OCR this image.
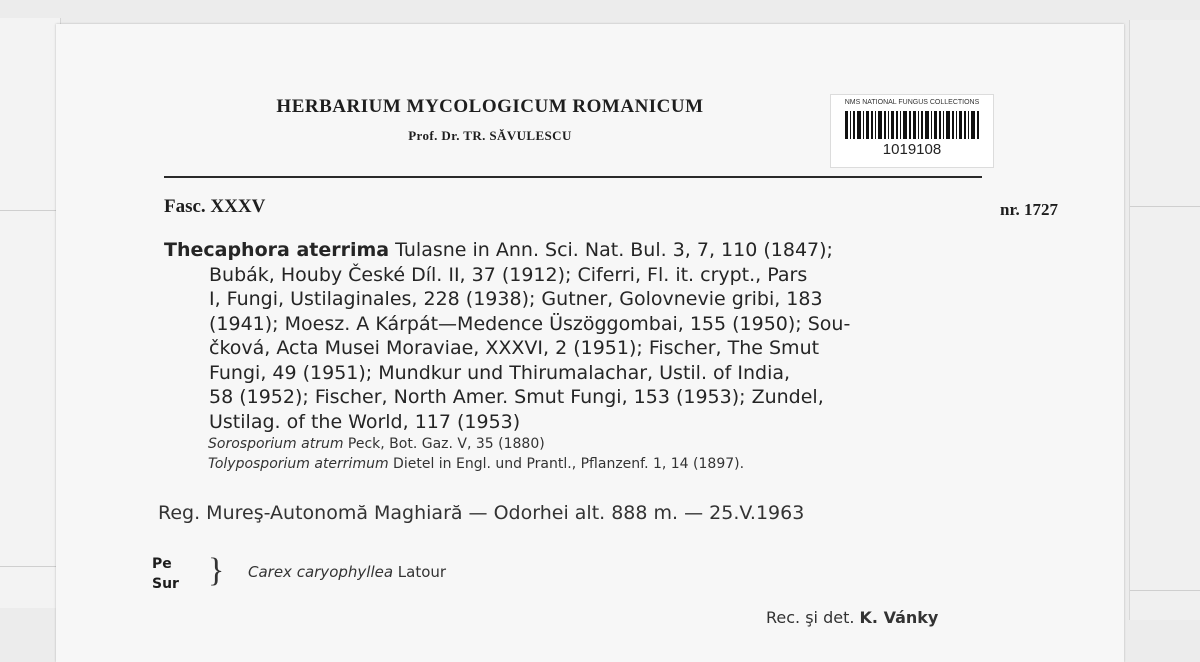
HERBARIUM MYCOLOGICUM ROMANICUM
Prof. Dr. TR. SĂVULESCU
NMS NATIONAL FUNGUS COLLECTIONS
1019108
Fasc. XXXV	nr. 1727
Thecaphora aterrima Tulasne in Ann. Sci. Nat. Bul. 3, 7, 110 (1847);
Bubák, Houby České Díl. II, 37 (1912); Ciferri, Fl. it. crypt., Pars
I, Fungi, Ustilaginales, 228 (1938); Gutner, Golovnevie gribi, 183
(1941); Moesz. A Kárpát—Medence Üszöggombai, 155 (1950); Sou-
čková, Acta Musei Moraviae, XXXVI, 2 (1951); Fischer, The Smut
Fungi, 49 (1951); Mundkur und Thirumalachar, Ustil. of India,
58 (1952); Fischer, North Amer. Smut Fungi, 153 (1953); Zundel,
Ustilag. of the World, 117 (1953)
Sorosporium atrum Peck, Bot. Gaz. V, 35 (1880)
Tolyposporium aterrimum Dietel in Engl. und Prantl., Pflanzenf. 1, 14 (1897).
Reg. Mureş-Autonomă Maghiară — Odorhei alt. 888 m. — 25.V.1963
Pe
Sur } Carex caryophyllea Latour
Rec. şi det. K. Vánky
